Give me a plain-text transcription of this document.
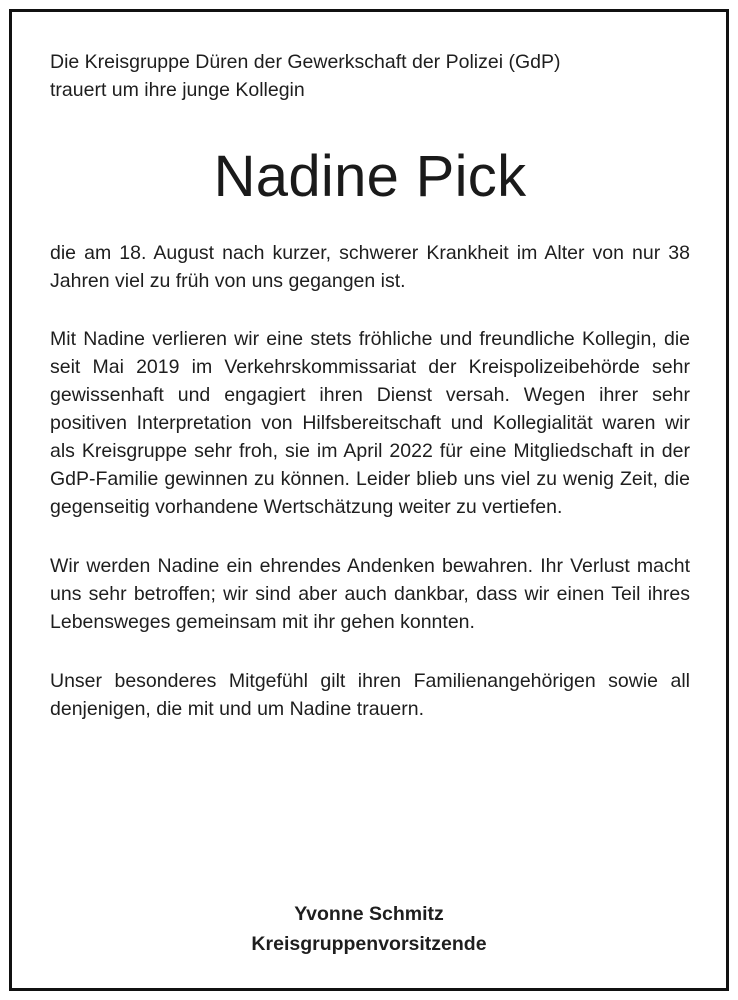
Die Kreisgruppe Düren der Gewerkschaft der Polizei (GdP)
trauert um ihre junge Kollegin

Nadine Pick

die am 18. August nach kurzer, schwerer Krankheit im Alter von nur 38 Jahren viel zu früh von uns gegangen ist.

Mit Nadine verlieren wir eine stets fröhliche und freundliche Kollegin, die seit Mai 2019 im Verkehrskommissariat der Kreispolizeibehörde sehr gewissenhaft und engagiert ihren Dienst versah. Wegen ihrer sehr positiven Interpretation von Hilfsbereitschaft und Kollegialität waren wir als Kreisgruppe sehr froh, sie im April 2022 für eine Mitgliedschaft in der GdP-Familie gewinnen zu können. Leider blieb uns viel zu wenig Zeit, die gegenseitig vorhandene Wertschätzung weiter zu vertiefen.

Wir werden Nadine ein ehrendes Andenken bewahren. Ihr Verlust macht uns sehr betroffen; wir sind aber auch dankbar, dass wir einen Teil ihres Lebensweges gemeinsam mit ihr gehen konnten.

Unser besonderes Mitgefühl gilt ihren Familienangehörigen sowie all denjenigen, die mit und um Nadine trauern.

Yvonne Schmitz
Kreisgruppenvorsitzende
